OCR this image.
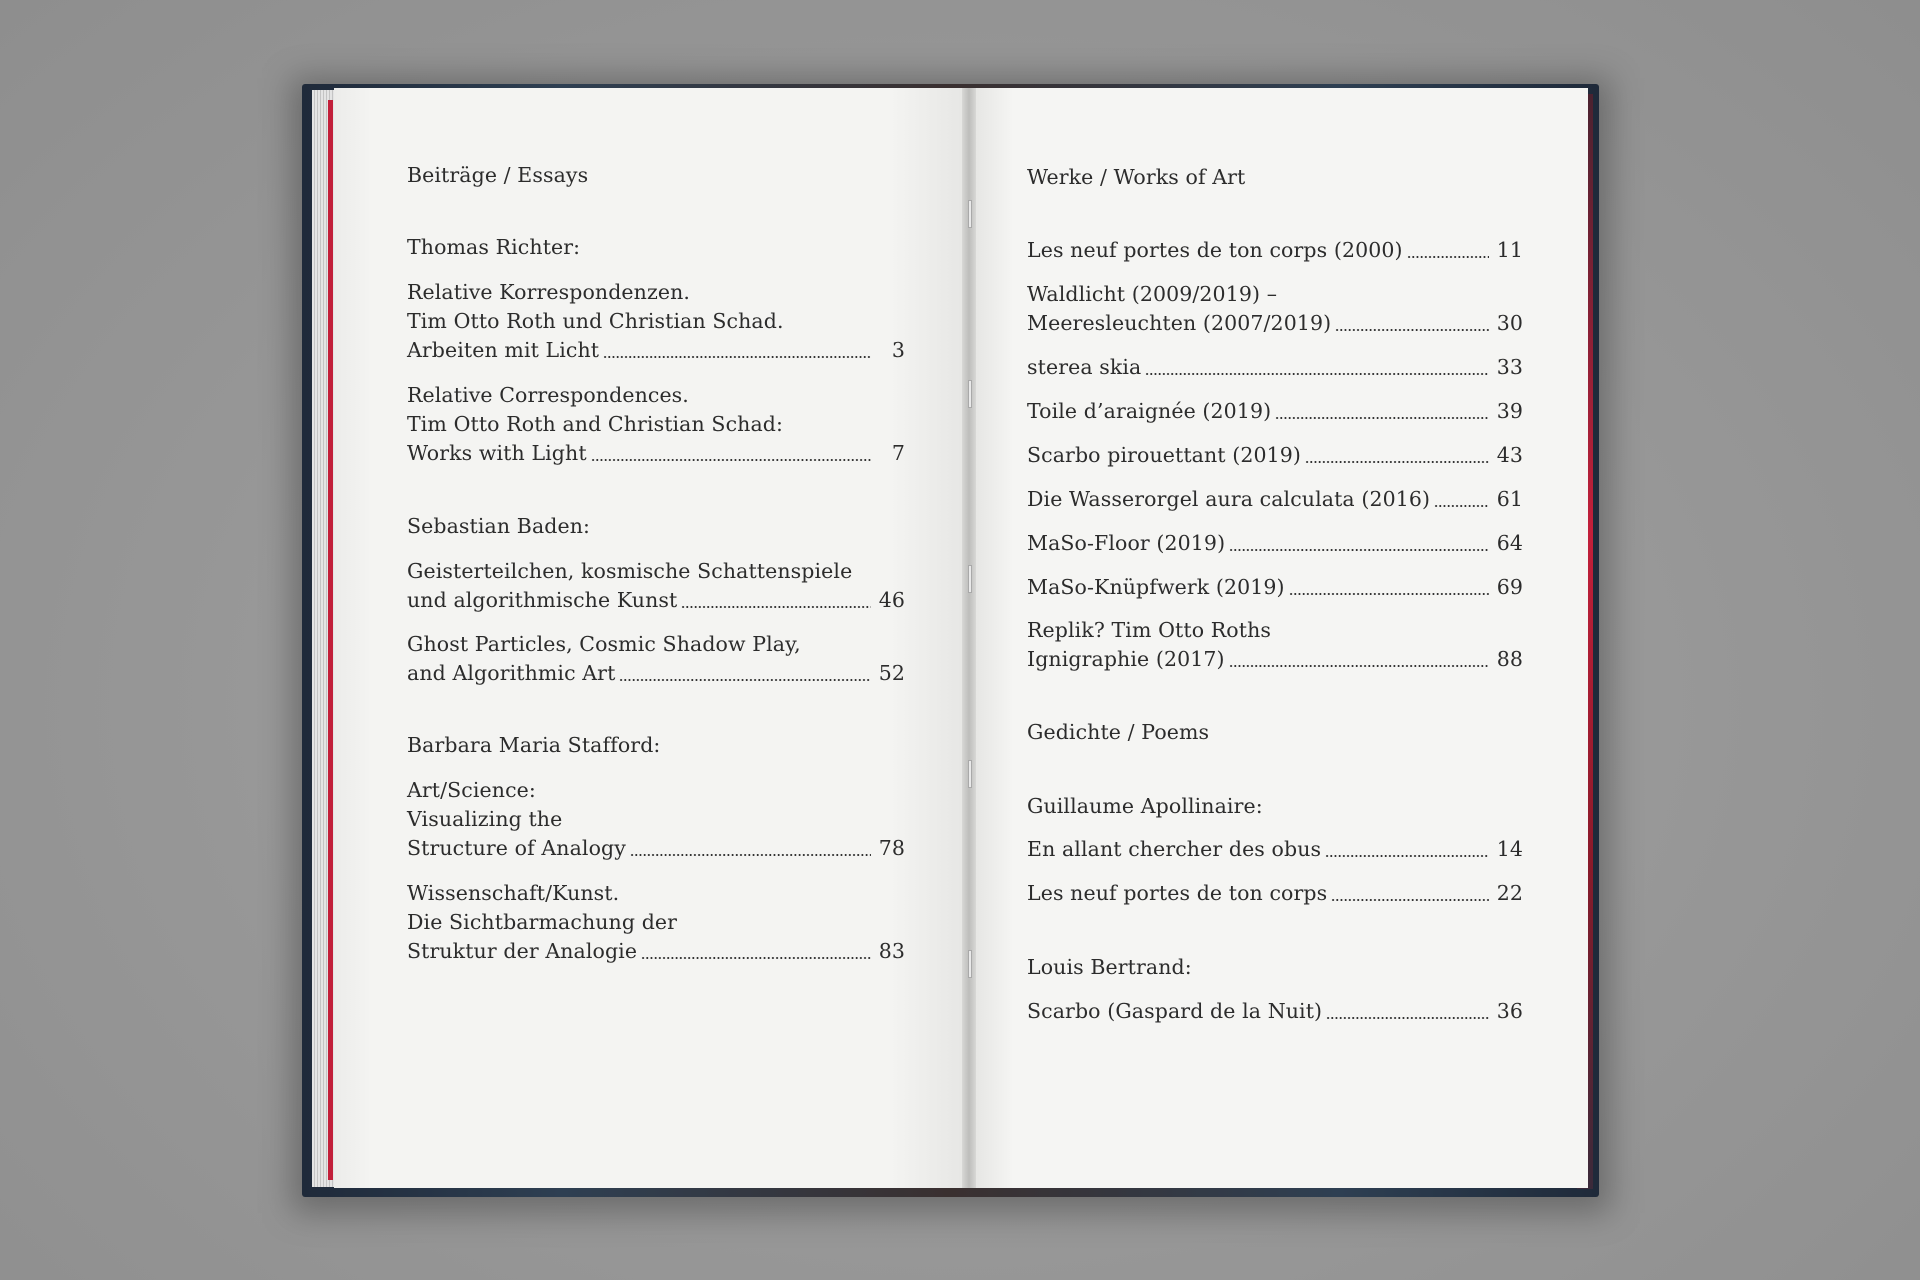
Beiträge / Essays
Thomas Richter:
Relative Korrespondenzen.
Tim Otto Roth und Christian Schad.
Arbeiten mit Licht	3
Relative Correspondences.
Tim Otto Roth and Christian Schad:
Works with Light	7
Sebastian Baden:
Geisterteilchen, kosmische Schattenspiele
und algorithmische Kunst	46
Ghost Particles, Cosmic Shadow Play,
and Algorithmic Art	52
Barbara Maria Stafford:
Art/Science:
Visualizing the
Structure of Analogy	78
Wissenschaft/Kunst.
Die Sichtbarmachung der
Struktur der Analogie	83
Werke / Works of Art
Les neuf portes de ton corps (2000)	11
Waldlicht (2009/2019) –
Meeresleuchten (2007/2019)	30
sterea skia	33
Toile d’araignée (2019)	39
Scarbo pirouettant (2019)	43
Die Wasserorgel aura calculata (2016)	61
MaSo-Floor (2019)	64
MaSo-Knüpfwerk (2019)	69
Replik? Tim Otto Roths
Ignigraphie (2017)	88
Gedichte / Poems
Guillaume Apollinaire:
En allant chercher des obus	14
Les neuf portes de ton corps	22
Louis Bertrand:
Scarbo (Gaspard de la Nuit)	36
